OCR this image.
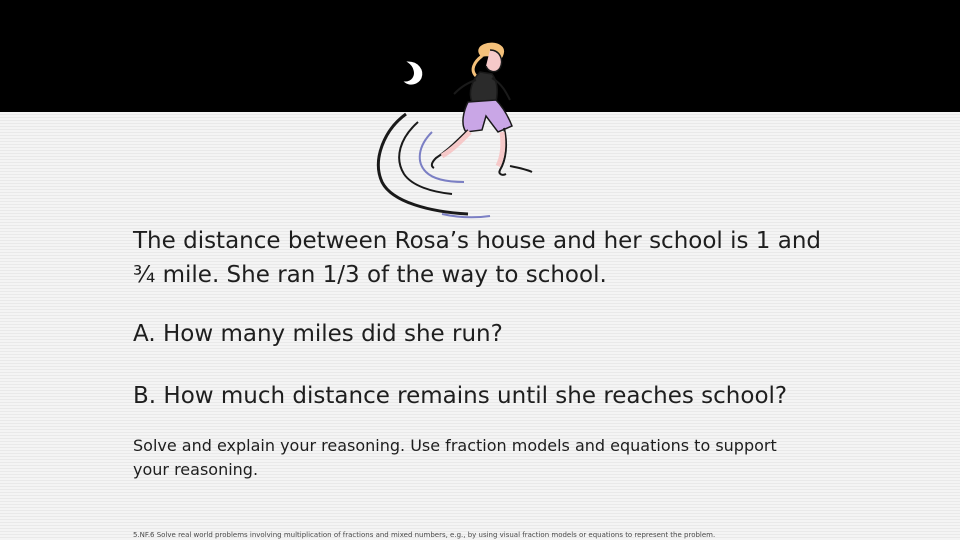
The distance between Rosa’s house and her school is 1 and ¾ mile. She ran 1/3 of the way to school.

A. How many miles did she run?

B. How much distance remains until she reaches school?

Solve and explain your reasoning. Use fraction models and equations to support your reasoning.

5.NF.6 Solve real world problems involving multiplication of fractions and mixed numbers, e.g., by using visual fraction models or equations to represent the problem.
